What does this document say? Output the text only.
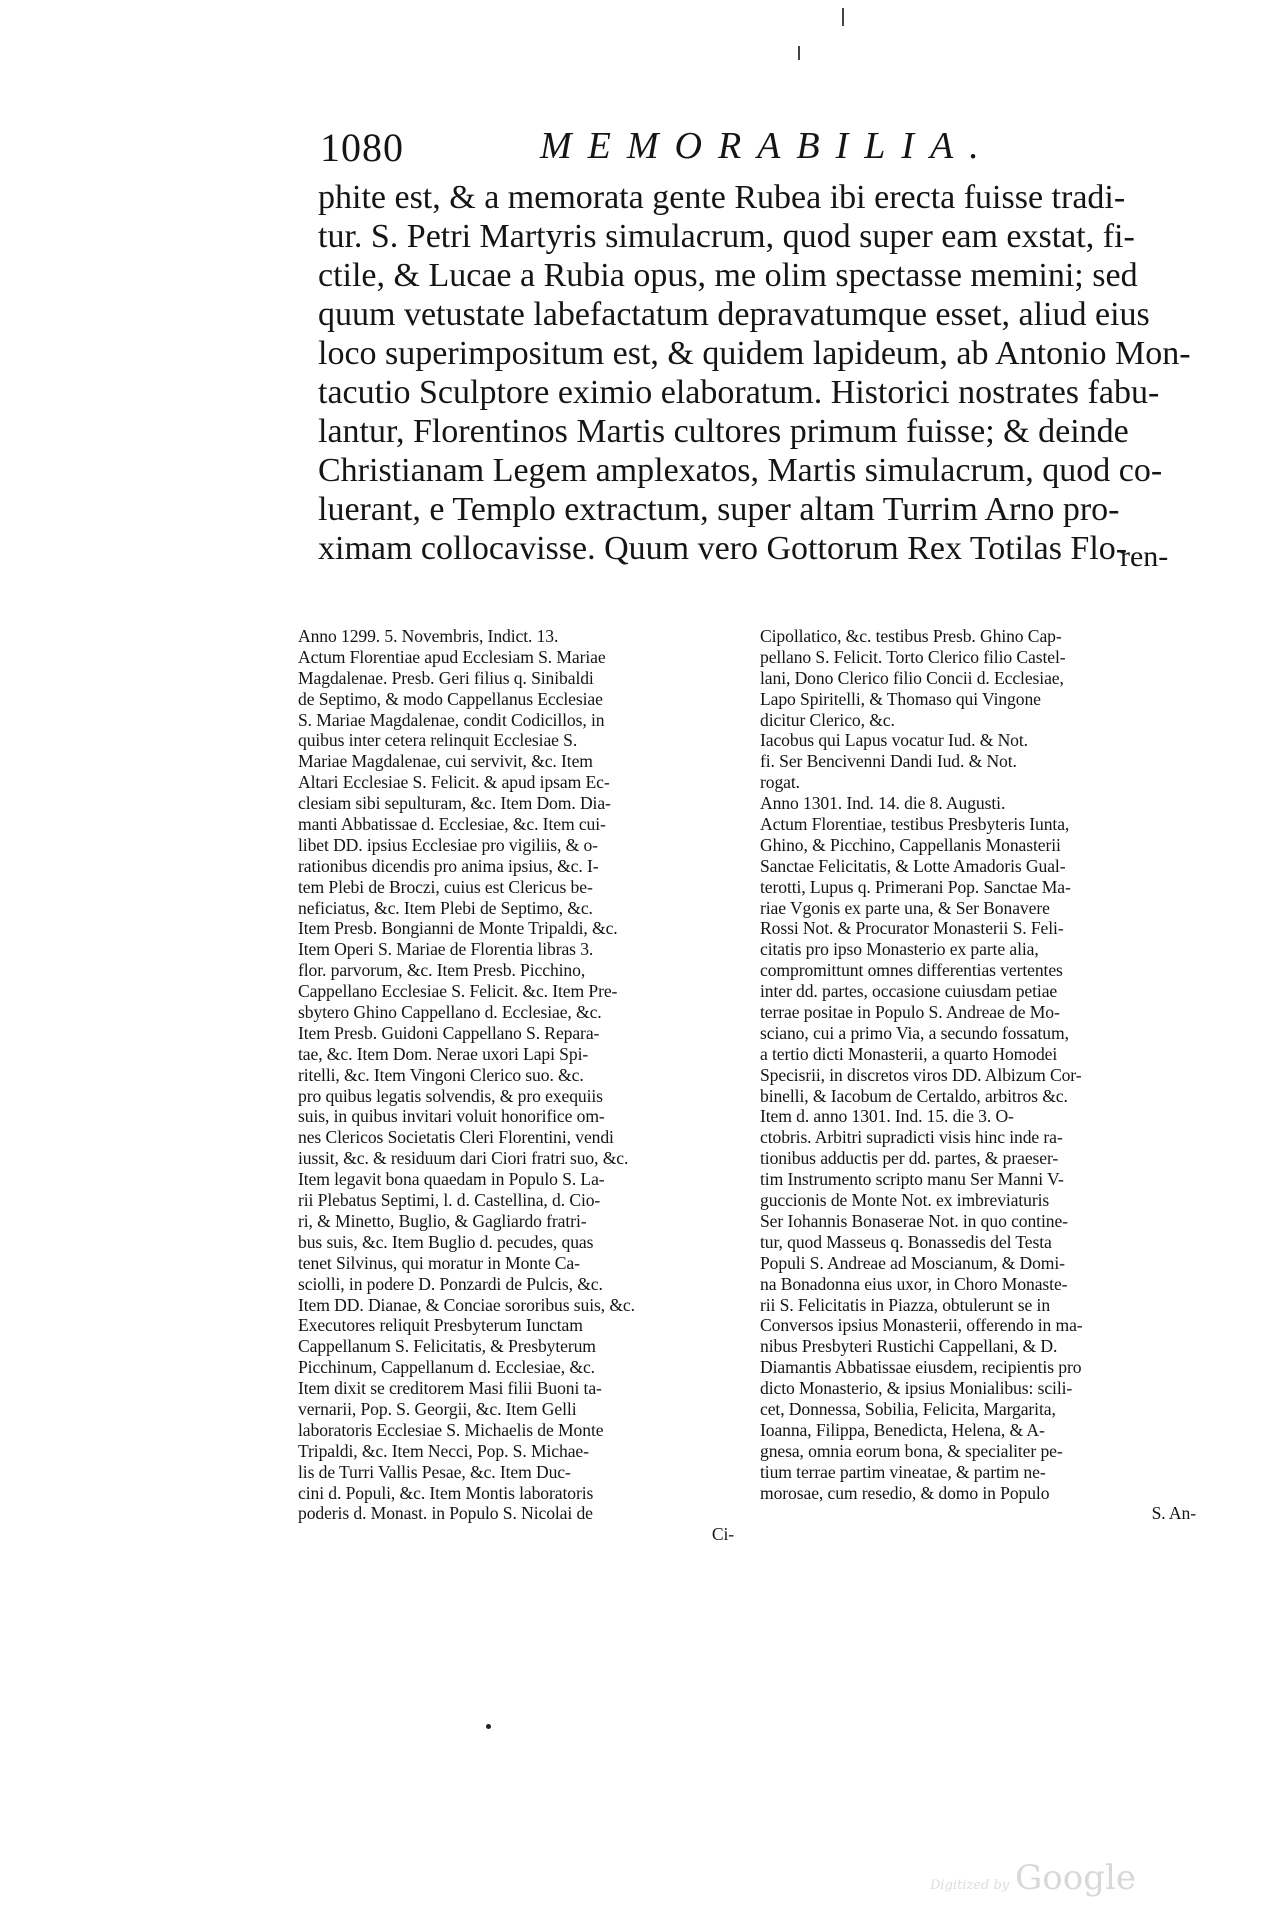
1080	MEMORABILIA.
phite est, & a memorata gente Rubea ibi erecta fuisse tradi-
tur. S. Petri Martyris simulacrum, quod super eam exstat, fi-
ctile, & Lucae a Rubia opus, me olim spectasse memini; sed
quum vetustate labefactatum depravatumque esset, aliud eius
loco superimpositum est, & quidem lapideum, ab Antonio Mon-
tacutio Sculptore eximio elaboratum. Historici nostrates fabu-
lantur, Florentinos Martis cultores primum fuisse; & deinde
Christianam Legem amplexatos, Martis simulacrum, quod co-
luerant, e Templo extractum, super altam Turrim Arno pro-
ximam collocavisse. Quum vero Gottorum Rex Totilas Flo-
ren-
Anno 1299. 5. Novembris, Indict. 13.
Actum Florentiae apud Ecclesiam S. Mariae
Magdalenae. Presb. Geri filius q. Sinibaldi
de Septimo, & modo Cappellanus Ecclesiae
S. Mariae Magdalenae, condit Codicillos, in
quibus inter cetera relinquit Ecclesiae S.
Mariae Magdalenae, cui servivit, &c. Item
Altari Ecclesiae S. Felicit. & apud ipsam Ec-
clesiam sibi sepulturam, &c. Item Dom. Dia-
manti Abbatissae d. Ecclesiae, &c. Item cui-
libet DD. ipsius Ecclesiae pro vigiliis, & o-
rationibus dicendis pro anima ipsius, &c. I-
tem Plebi de Broczi, cuius est Clericus be-
neficiatus, &c. Item Plebi de Septimo, &c.
Item Presb. Bongianni de Monte Tripaldi, &c.
Item Operi S. Mariae de Florentia libras 3.
flor. parvorum, &c. Item Presb. Picchino,
Cappellano Ecclesiae S. Felicit. &c. Item Pre-
sbytero Ghino Cappellano d. Ecclesiae, &c.
Item Presb. Guidoni Cappellano S. Repara-
tae, &c. Item Dom. Nerae uxori Lapi Spi-
ritelli, &c. Item Vingoni Clerico suo. &c.
pro quibus legatis solvendis, & pro exequiis
suis, in quibus invitari voluit honorifice om-
nes Clericos Societatis Cleri Florentini, vendi
iussit, &c. & residuum dari Ciori fratri suo, &c.
Item legavit bona quaedam in Populo S. La-
rii Plebatus Septimi, l. d. Castellina, d. Cio-
ri, & Minetto, Buglio, & Gagliardo fratri-
bus suis, &c. Item Buglio d. pecudes, quas
tenet Silvinus, qui moratur in Monte Ca-
sciolli, in podere D. Ponzardi de Pulcis, &c.
Item DD. Dianae, & Conciae sororibus suis, &c.
Executores reliquit Presbyterum Iunctam
Cappellanum S. Felicitatis, & Presbyterum
Picchinum, Cappellanum d. Ecclesiae, &c.
Item dixit se creditorem Masi filii Buoni ta-
vernarii, Pop. S. Georgii, &c. Item Gelli
laboratoris Ecclesiae S. Michaelis de Monte
Tripaldi, &c. Item Necci, Pop. S. Michae-
lis de Turri Vallis Pesae, &c. Item Duc-
cini d. Populi, &c. Item Montis laboratoris
poderis d. Monast. in Populo S. Nicolai de
Ci-
Cipollatico, &c. testibus Presb. Ghino Cap-
pellano S. Felicit. Torto Clerico filio Castel-
lani, Dono Clerico filio Concii d. Ecclesiae,
Lapo Spiritelli, & Thomaso qui Vingone
dicitur Clerico, &c.
Iacobus qui Lapus vocatur Iud. & Not.
fi. Ser Bencivenni Dandi Iud. & Not.
rogat.
Anno 1301. Ind. 14. die 8. Augusti.
Actum Florentiae, testibus Presbyteris Iunta,
Ghino, & Picchino, Cappellanis Monasterii
Sanctae Felicitatis, & Lotte Amadoris Gual-
terotti, Lupus q. Primerani Pop. Sanctae Ma-
riae Vgonis ex parte una, & Ser Bonavere
Rossi Not. & Procurator Monasterii S. Feli-
citatis pro ipso Monasterio ex parte alia,
compromittunt omnes differentias vertentes
inter dd. partes, occasione cuiusdam petiae
terrae positae in Populo S. Andreae de Mo-
sciano, cui a primo Via, a secundo fossatum,
a tertio dicti Monasterii, a quarto Homodei
Specisrii, in discretos viros DD. Albizum Cor-
binelli, & Iacobum de Certaldo, arbitros &c.
Item d. anno 1301. Ind. 15. die 3. O-
ctobris. Arbitri supradicti visis hinc inde ra-
tionibus adductis per dd. partes, & praeser-
tim Instrumento scripto manu Ser Manni V-
guccionis de Monte Not. ex imbreviaturis
Ser Iohannis Bonaserae Not. in quo contine-
tur, quod Masseus q. Bonassedis del Testa
Populi S. Andreae ad Moscianum, & Domi-
na Bonadonna eius uxor, in Choro Monaste-
rii S. Felicitatis in Piazza, obtulerunt se in
Conversos ipsius Monasterii, offerendo in ma-
nibus Presbyteri Rustichi Cappellani, & D.
Diamantis Abbatissae eiusdem, recipientis pro
dicto Monasterio, & ipsius Monialibus: scili-
cet, Donnessa, Sobilia, Felicita, Margarita,
Ioanna, Filippa, Benedicta, Helena, & A-
gnesa, omnia eorum bona, & specialiter pe-
tium terrae partim vineatae, & partim ne-
morosae, cum resedio, & domo in Populo
S. An-
Digitized by Google
